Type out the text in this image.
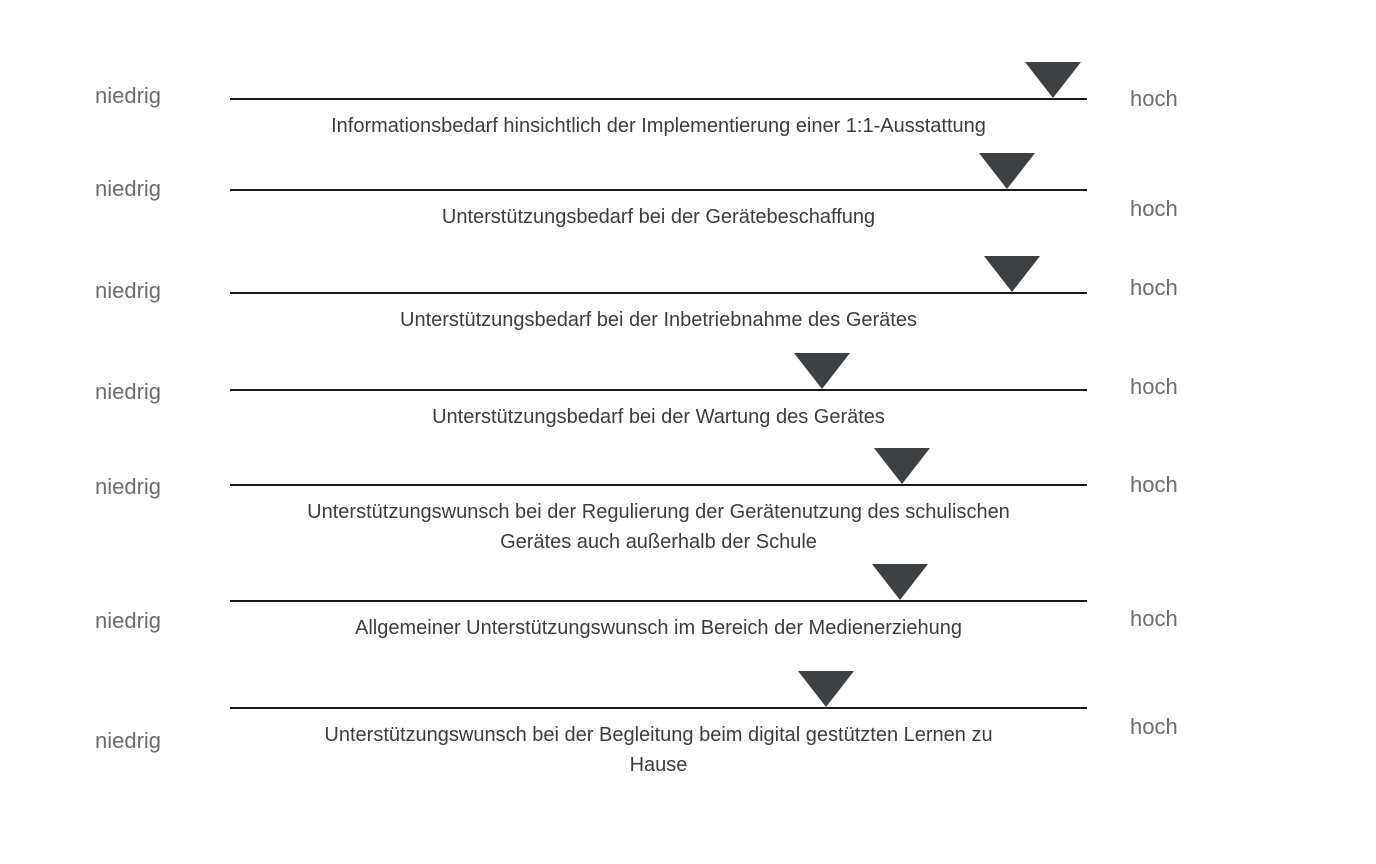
niedrig
Informationsbedarf hinsichtlich der Implementierung einer 1:1-Ausstattung
hoch
niedrig
Unterstützungsbedarf bei der Gerätebeschaffung	hoch
niedrig
Unterstützungsbedarf bei der Inbetriebnahme des Gerätes
hoch
niedrig
Unterstützungsbedarf bei der Wartung des Gerätes
hoch
niedrig
Unterstützungswunsch bei der Regulierung der Gerätenutzung des schulischen
Gerätes auch außerhalb der Schule
hoch
niedrig	Allgemeiner Unterstützungswunsch im Bereich der Medienerziehung	hoch
niedrig	Unterstützungswunsch bei der Begleitung beim digital gestützten Lernen zu
Hause
hoch
